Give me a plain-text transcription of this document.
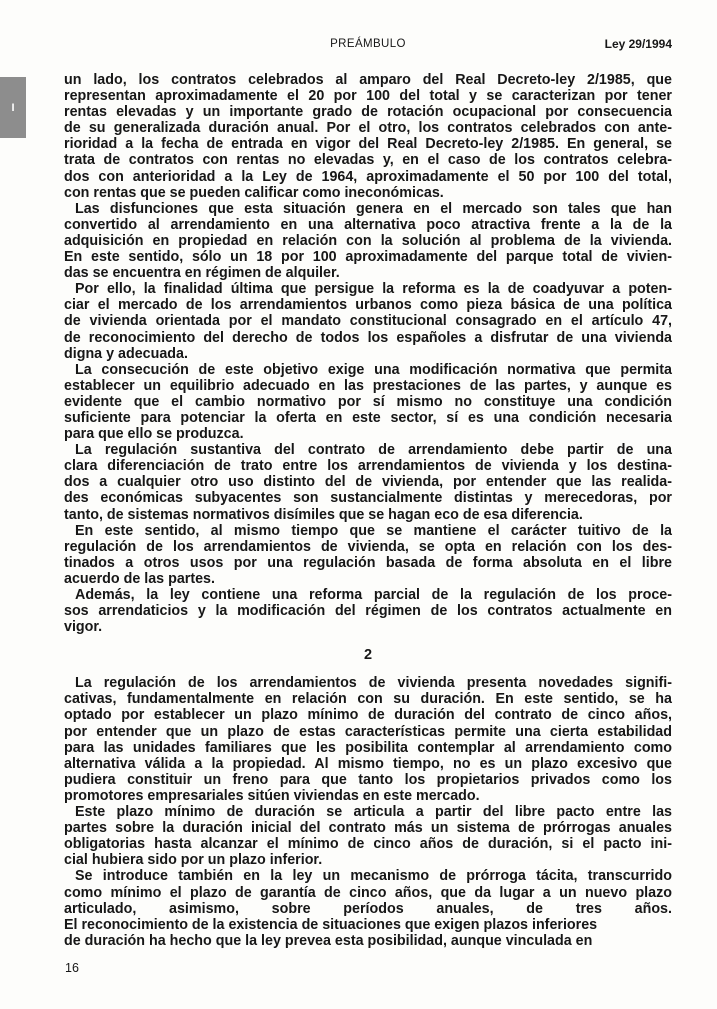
I
PREÁMBULO	Ley 29/1994
un lado, los contratos celebrados al amparo del Real Decreto-ley 2/1985, que
representan aproximadamente el 20 por 100 del total y se caracterizan por tener
rentas elevadas y un importante grado de rotación ocupacional por consecuencia
de su generalizada duración anual. Por el otro, los contratos celebrados con ante-
rioridad a la fecha de entrada en vigor del Real Decreto-ley 2/1985. En general, se
trata de contratos con rentas no elevadas y, en el caso de los contratos celebra-
dos con anterioridad a la Ley de 1964, aproximadamente el 50 por 100 del total,
con rentas que se pueden calificar como ineconómicas.
Las disfunciones que esta situación genera en el mercado son tales que han
convertido al arrendamiento en una alternativa poco atractiva frente a la de la
adquisición en propiedad en relación con la solución al problema de la vivienda.
En este sentido, sólo un 18 por 100 aproximadamente del parque total de vivien-
das se encuentra en régimen de alquiler.
Por ello, la finalidad última que persigue la reforma es la de coadyuvar a poten-
ciar el mercado de los arrendamientos urbanos como pieza básica de una política
de vivienda orientada por el mandato constitucional consagrado en el artículo 47,
de reconocimiento del derecho de todos los españoles a disfrutar de una vivienda
digna y adecuada.
La consecución de este objetivo exige una modificación normativa que permita
establecer un equilibrio adecuado en las prestaciones de las partes, y aunque es
evidente que el cambio normativo por sí mismo no constituye una condición
suficiente para potenciar la oferta en este sector, sí es una condición necesaria
para que ello se produzca.
La regulación sustantiva del contrato de arrendamiento debe partir de una
clara diferenciación de trato entre los arrendamientos de vivienda y los destina-
dos a cualquier otro uso distinto del de vivienda, por entender que las realida-
des económicas subyacentes son sustancialmente distintas y merecedoras, por
tanto, de sistemas normativos disímiles que se hagan eco de esa diferencia.
En este sentido, al mismo tiempo que se mantiene el carácter tuitivo de la
regulación de los arrendamientos de vivienda, se opta en relación con los des-
tinados a otros usos por una regulación basada de forma absoluta en el libre
acuerdo de las partes.
Además, la ley contiene una reforma parcial de la regulación de los proce-
sos arrendaticios y la modificación del régimen de los contratos actualmente en
vigor.
2
La regulación de los arrendamientos de vivienda presenta novedades signifi-
cativas, fundamentalmente en relación con su duración. En este sentido, se ha
optado por establecer un plazo mínimo de duración del contrato de cinco años,
por entender que un plazo de estas características permite una cierta estabilidad
para las unidades familiares que les posibilita contemplar al arrendamiento como
alternativa válida a la propiedad. Al mismo tiempo, no es un plazo excesivo que
pudiera constituir un freno para que tanto los propietarios privados como los
promotores empresariales sitúen viviendas en este mercado.
Este plazo mínimo de duración se articula a partir del libre pacto entre las
partes sobre la duración inicial del contrato más un sistema de prórrogas anuales
obligatorias hasta alcanzar el mínimo de cinco años de duración, si el pacto ini-
cial hubiera sido por un plazo inferior.
Se introduce también en la ley un mecanismo de prórroga tácita, transcurrido
como mínimo el plazo de garantía de cinco años, que da lugar a un nuevo plazo
articulado, asimismo, sobre períodos anuales, de tres años.
El reconocimiento de la existencia de situaciones que exigen plazos inferiores
de duración ha hecho que la ley prevea esta posibilidad, aunque vinculada en
16
